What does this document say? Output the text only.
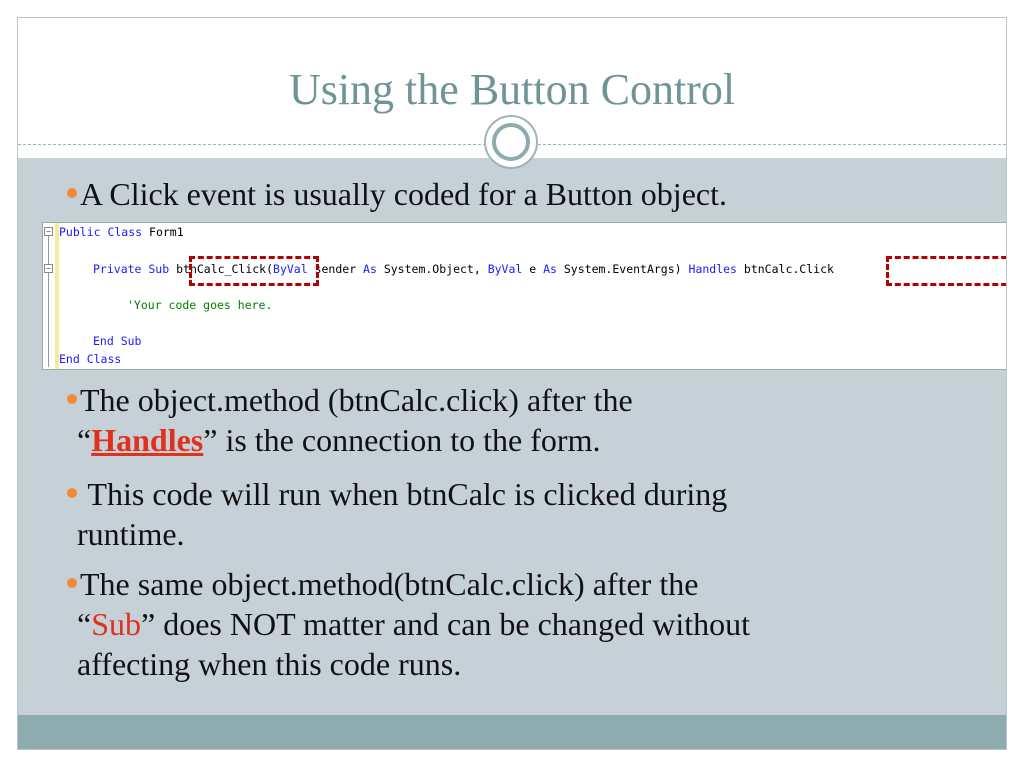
Using the Button Control
A Click event is usually coded for a Button object.
−
−
Public Class Form1
Private Sub btnCalc_Click(ByVal sender As System.Object, ByVal e As System.EventArgs) Handles btnCalc.Click
'Your code goes here.
End Sub
End Class
The object.method (btnCalc.click) after the
“Handles” is the connection to the form.
This code will run when btnCalc is clicked during
runtime.
The same object.method(btnCalc.click) after the
“Sub” does NOT matter and can be changed without
affecting when this code runs.
